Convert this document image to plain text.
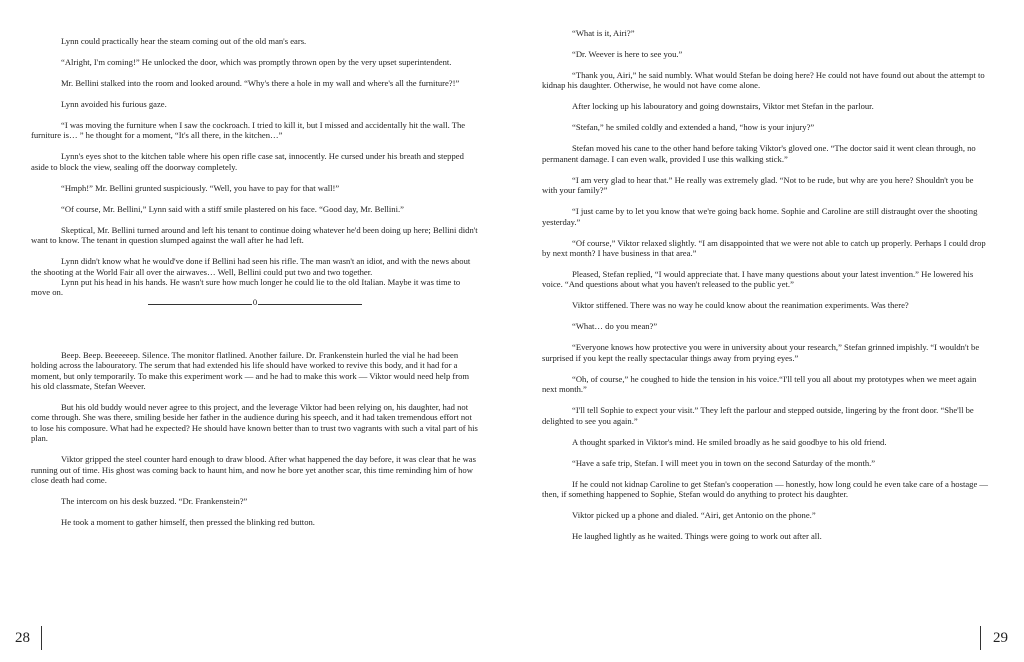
Lynn could practically hear the steam coming out of the old man's ears.

“Alright, I'm coming!” He unlocked the door, which was promptly thrown open by the very upset superintendent.

Mr. Bellini stalked into the room and looked around. “Why's there a hole in my wall and where's all the furniture?!”

Lynn avoided his furious gaze.

“I was moving the furniture when I saw the cockroach. I tried to kill it, but I missed and accidentally hit the wall. The furniture is… ” he thought for a moment, “It's all there, in the kitchen…”

Lynn's eyes shot to the kitchen table where his open rifle case sat, innocently. He cursed under his breath and stepped aside to block the view, sealing off the doorway completely.

“Hmph!” Mr. Bellini grunted suspiciously. “Well, you have to pay for that wall!”

“Of course, Mr. Bellini,” Lynn said with a stiff smile plastered on his face. “Good day, Mr. Bellini.”

Skeptical, Mr. Bellini turned around and left his tenant to continue doing whatever he'd been doing up here; Bellini didn't want to know. The tenant in question slumped against the wall after he had left.

Lynn didn't know what he would've done if Bellini had seen his rifle. The man wasn't an idiot, and with the news about the shooting at the World Fair all over the airwaves… Well, Bellini could put two and two together.

Lynn put his head in his hands. He wasn't sure how much longer he could lie to the old Italian. Maybe it was time to move on.

0

Beep. Beep. Beeeeeep. Silence. The monitor flatlined. Another failure. Dr. Frankenstein hurled the vial he had been holding across the labouratory. The serum that had extended his life should have worked to revive this body, and it had for a moment, but only temporarily. To make this experiment work — and he had to make this work — Viktor would need help from his old classmate, Stefan Weever.

But his old buddy would never agree to this project, and the leverage Viktor had been relying on, his daughter, had not come through. She was there, smiling beside her father in the audience during his speech, and it had taken tremendous effort not to lose his composure. What had he expected? He should have known better than to trust two vagrants with such a vital part of his plan.

Viktor gripped the steel counter hard enough to draw blood. After what happened the day before, it was clear that he was running out of time. His ghost was coming back to haunt him, and now he bore yet another scar, this time reminding him of how close death had come.

The intercom on his desk buzzed. “Dr. Frankenstein?”

He took a moment to gather himself, then pressed the blinking red button.

28

“What is it, Airi?”

“Dr. Weever is here to see you.”

“Thank you, Airi,” he said numbly. What would Stefan be doing here? He could not have found out about the attempt to kidnap his daughter. Otherwise, he would not have come alone.

After locking up his labouratory and going downstairs, Viktor met Stefan in the parlour.

“Stefan,” he smiled coldly and extended a hand, “how is your injury?”

Stefan moved his cane to the other hand before taking Viktor's gloved one. “The doctor said it went clean through, no permanent damage. I can even walk, provided I use this walking stick.”

“I am very glad to hear that.” He really was extremely glad. “Not to be rude, but why are you here? Shouldn't you be with your family?”

“I just came by to let you know that we're going back home. Sophie and Caroline are still distraught over the shooting yesterday.”

“Of course,” Viktor relaxed slightly. “I am disappointed that we were not able to catch up properly. Perhaps I could drop by next month? I have business in that area.”

Pleased, Stefan replied, “I would appreciate that. I have many questions about your latest invention.” He lowered his voice. “And questions about what you haven't released to the public yet.”

Viktor stiffened. There was no way he could know about the reanimation experiments. Was there?

“What… do you mean?”

“Everyone knows how protective you were in university about your research,” Stefan grinned impishly. “I wouldn't be surprised if you kept the really spectacular things away from prying eyes.”

“Oh, of course,” he coughed to hide the tension in his voice.“I'll tell you all about my prototypes when we meet again next month.”

“I'll tell Sophie to expect your visit.” They left the parlour and stepped outside, lingering by the front door. “She'll be delighted to see you again.”

A thought sparked in Viktor's mind. He smiled broadly as he said goodbye to his old friend.

“Have a safe trip, Stefan. I will meet you in town on the second Saturday of the month.”

If he could not kidnap Caroline to get Stefan's cooperation — honestly, how long could he even take care of a hostage — then, if something happened to Sophie, Stefan would do anything to protect his daughter.

Viktor picked up a phone and dialed. “Airi, get Antonio on the phone.”

He laughed lightly as he waited. Things were going to work out after all.

29
